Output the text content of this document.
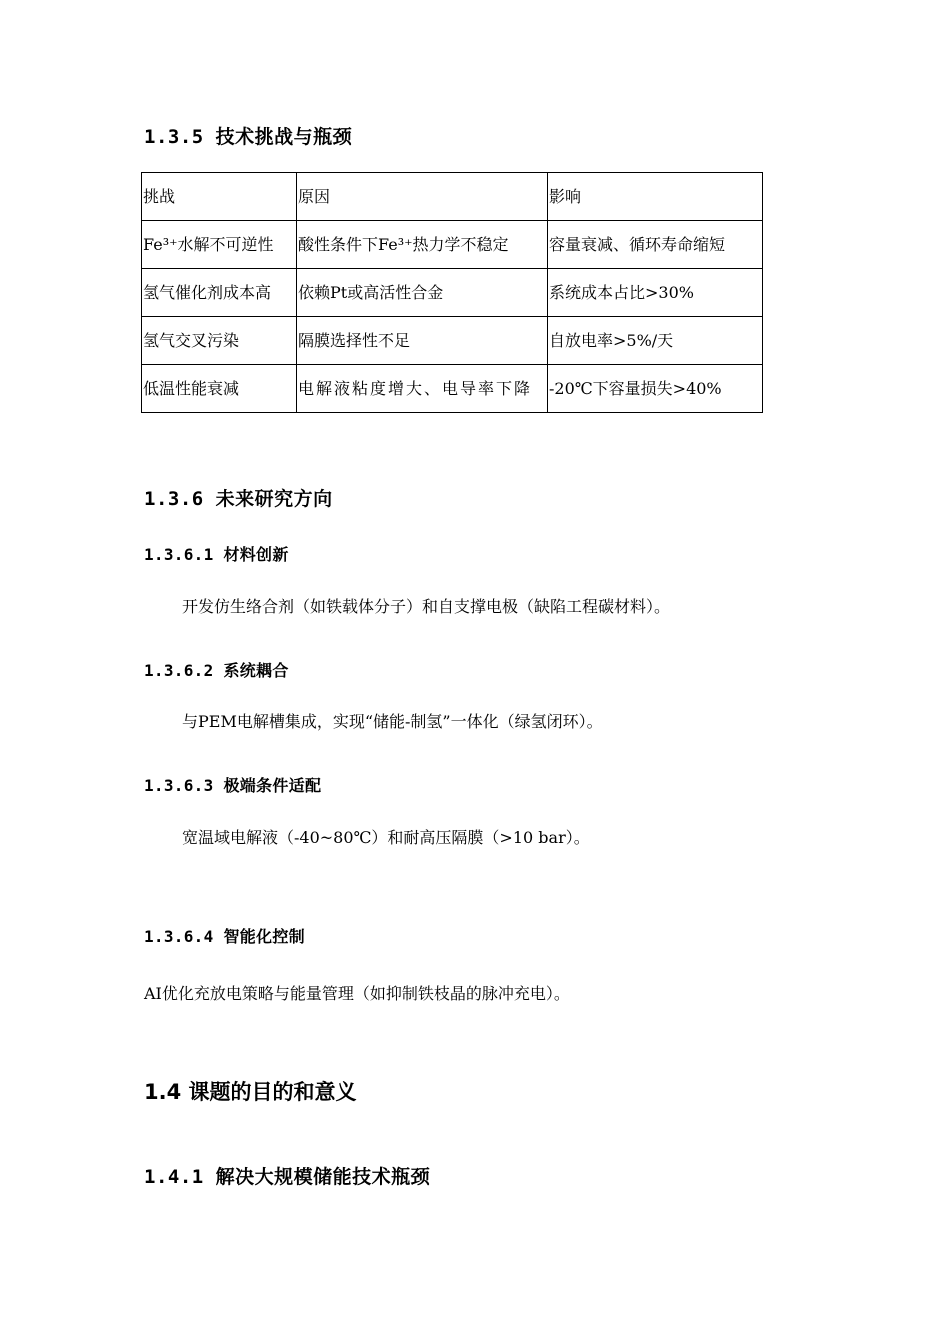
1.3.5 技术挑战与瓶颈
挑战	原因	影响
Fe³⁺水解不可逆性	酸性条件下Fe³⁺热力学不稳定	容量衰减、循环寿命缩短
氢气催化剂成本高	依赖Pt或高活性合金	系统成本占比>30%
氢气交叉污染	隔膜选择性不足	自放电率>5%/天
低温性能衰减	电解液粘度增大、电导率下降	-20℃下容量损失>40%
1.3.6 未来研究方向
1.3.6.1 材料创新
开发仿生络合剂（如铁载体分子）和自支撑电极（缺陷工程碳材料）。
1.3.6.2 系统耦合
与PEM电解槽集成，实现“储能-制氢”一体化（绿氢闭环）。
1.3.6.3 极端条件适配
宽温域电解液（-40~80℃）和耐高压隔膜（>10 bar）。
1.3.6.4 智能化控制
AI优化充放电策略与能量管理（如抑制铁枝晶的脉冲充电）。
1.4 课题的目的和意义
1.4.1 解决大规模储能技术瓶颈
